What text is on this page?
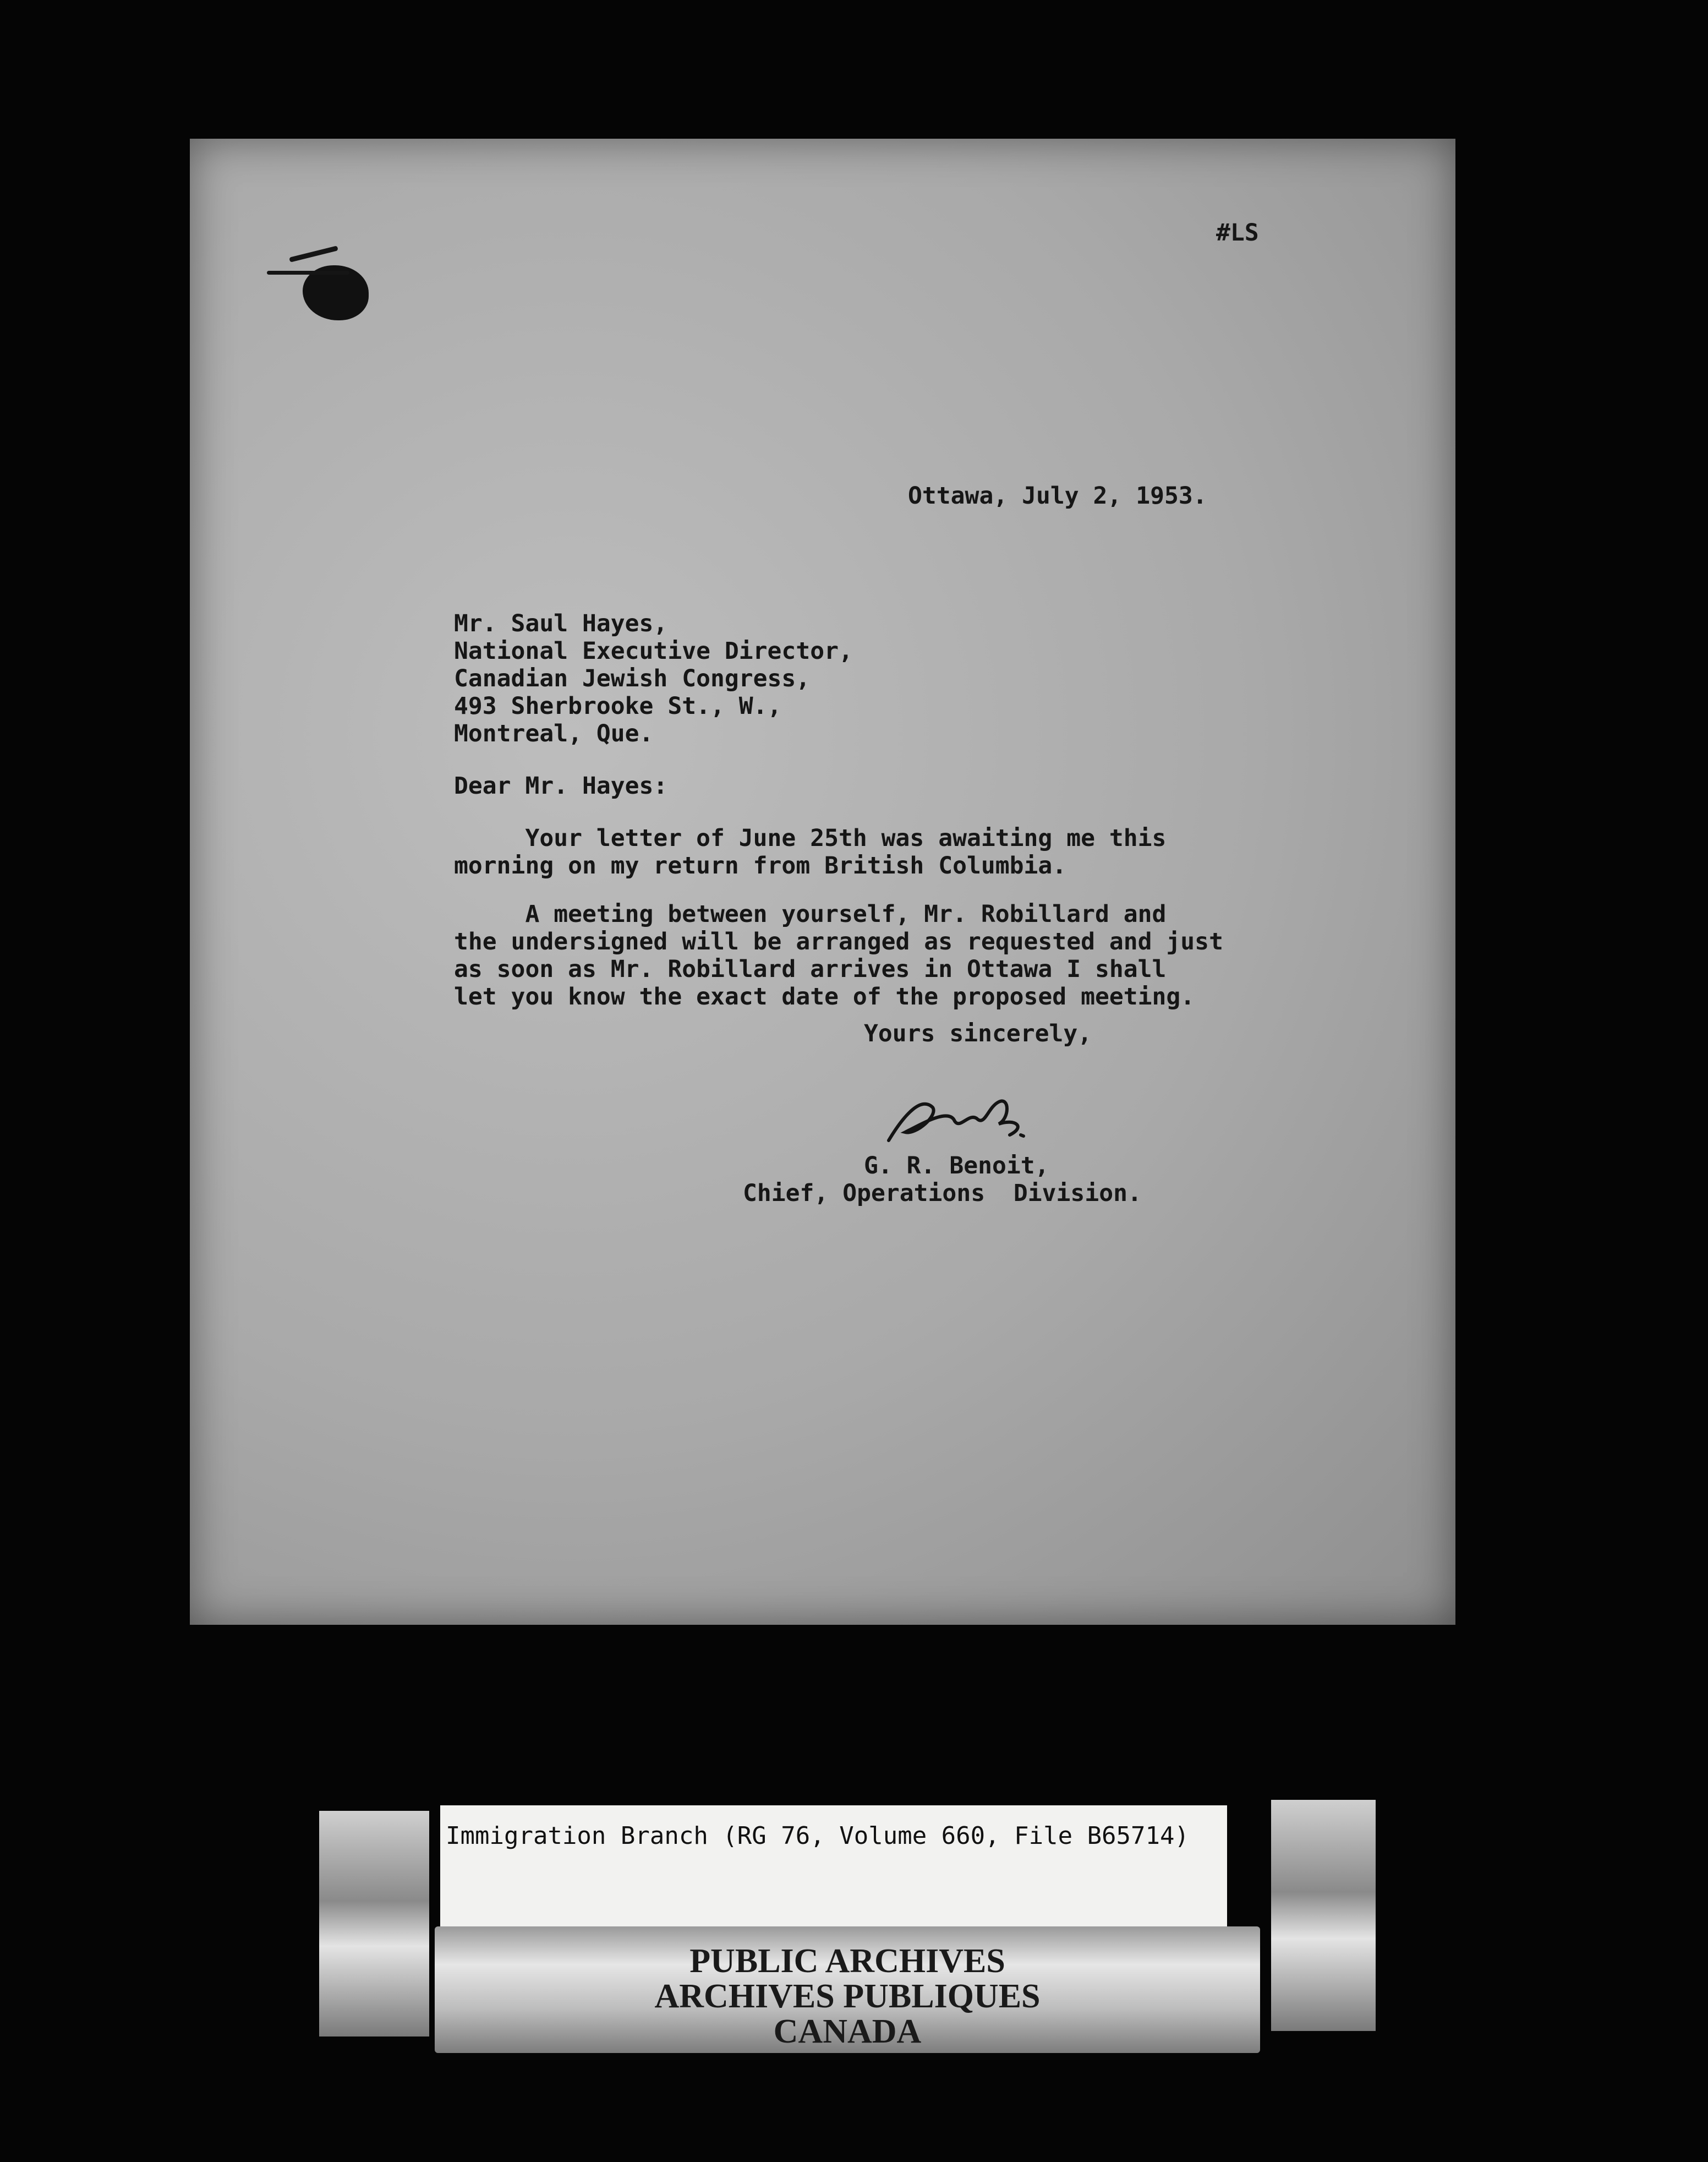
#LS

Ottawa, July 2, 1953.

Mr. Saul Hayes,

National Executive Director,

Canadian Jewish Congress,

493 Sherbrooke St., W.,

Montreal, Que.

Dear Mr. Hayes:

Your letter of June 25th was awaiting me this

morning on my return from British Columbia.

A meeting between yourself, Mr. Robillard and

the undersigned will be arranged as requested and just

as soon as Mr. Robillard arrives in Ottawa I shall

let you know the exact date of the proposed meeting.

Yours sincerely,

G. R. Benoit,

Chief, Operations  Division.

Immigration Branch (RG 76, Volume 660, File B65714)

PUBLIC ARCHIVES

ARCHIVES PUBLIQUES

CANADA
